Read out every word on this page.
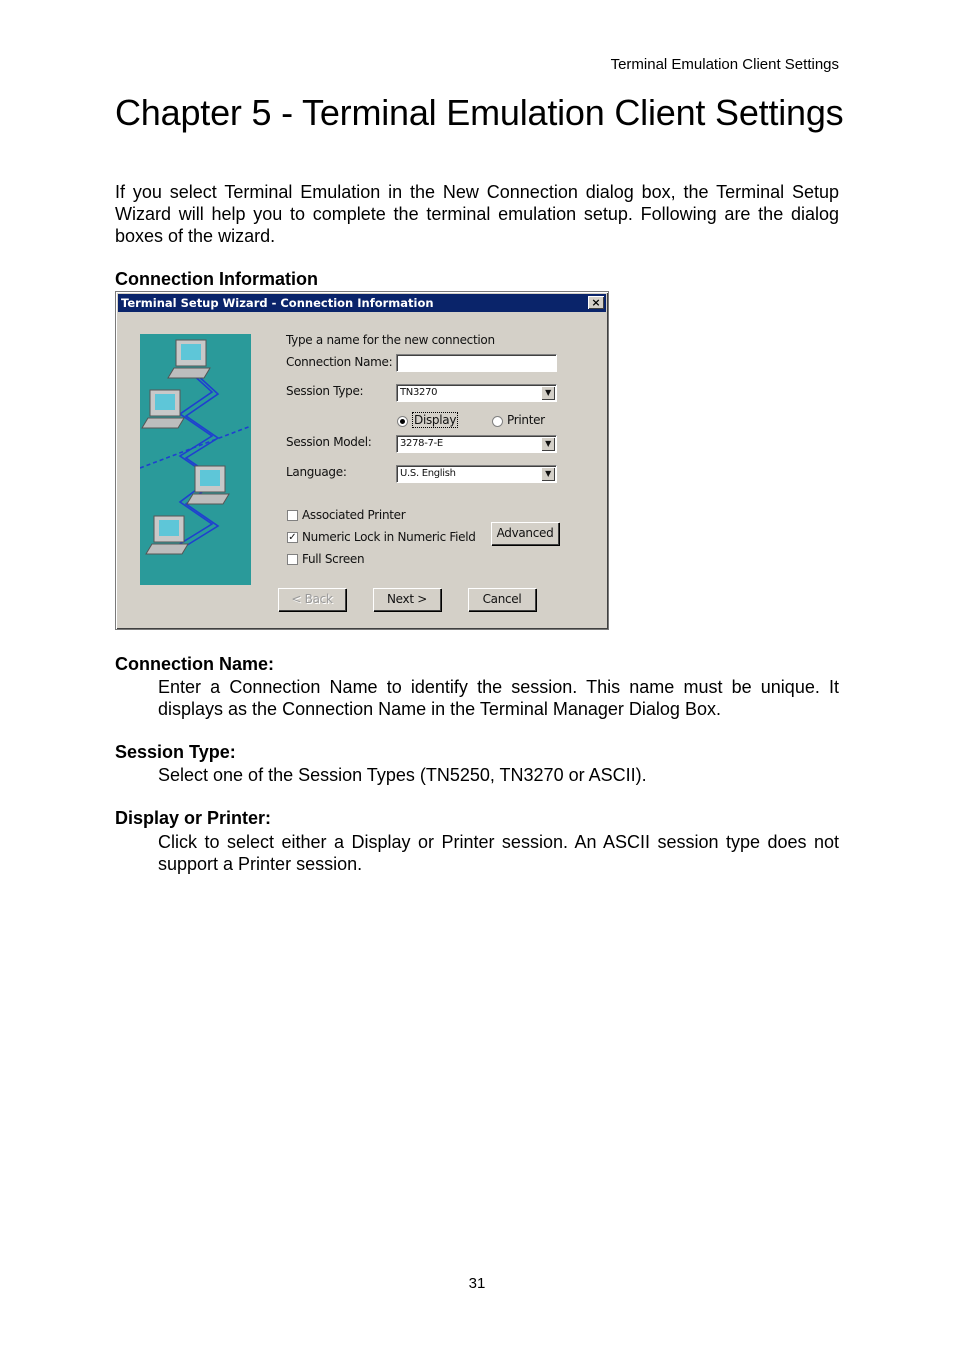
Terminal Emulation Client Settings
Chapter 5 - Terminal Emulation Client Settings

If you select Terminal Emulation in the New Connection dialog box, the Terminal Setup Wizard will help you to complete the terminal emulation setup. Following are the dialog boxes of the wizard.

Connection Information
Terminal Setup Wizard - Connection Information	×
Type a name for the new connection
Connection Name:
Session Type:	TN3270	▼
Display	Printer
Session Model:	3278-7-E	▼
Language:	U.S. English	▼
Associated Printer
✓ Numeric Lock in Numeric Field
Full Screen
Advanced
< Back	Next >	Cancel
Connection Name:

Enter a Connection Name to identify the session. This name must be unique. It displays as the Connection Name in the Terminal Manager Dialog Box.

Session Type:

Select one of the Session Types (TN5250, TN3270 or ASCII).

Display or Printer:

Click to select either a Display or Printer session. An ASCII session type does not support a Printer session.

31
